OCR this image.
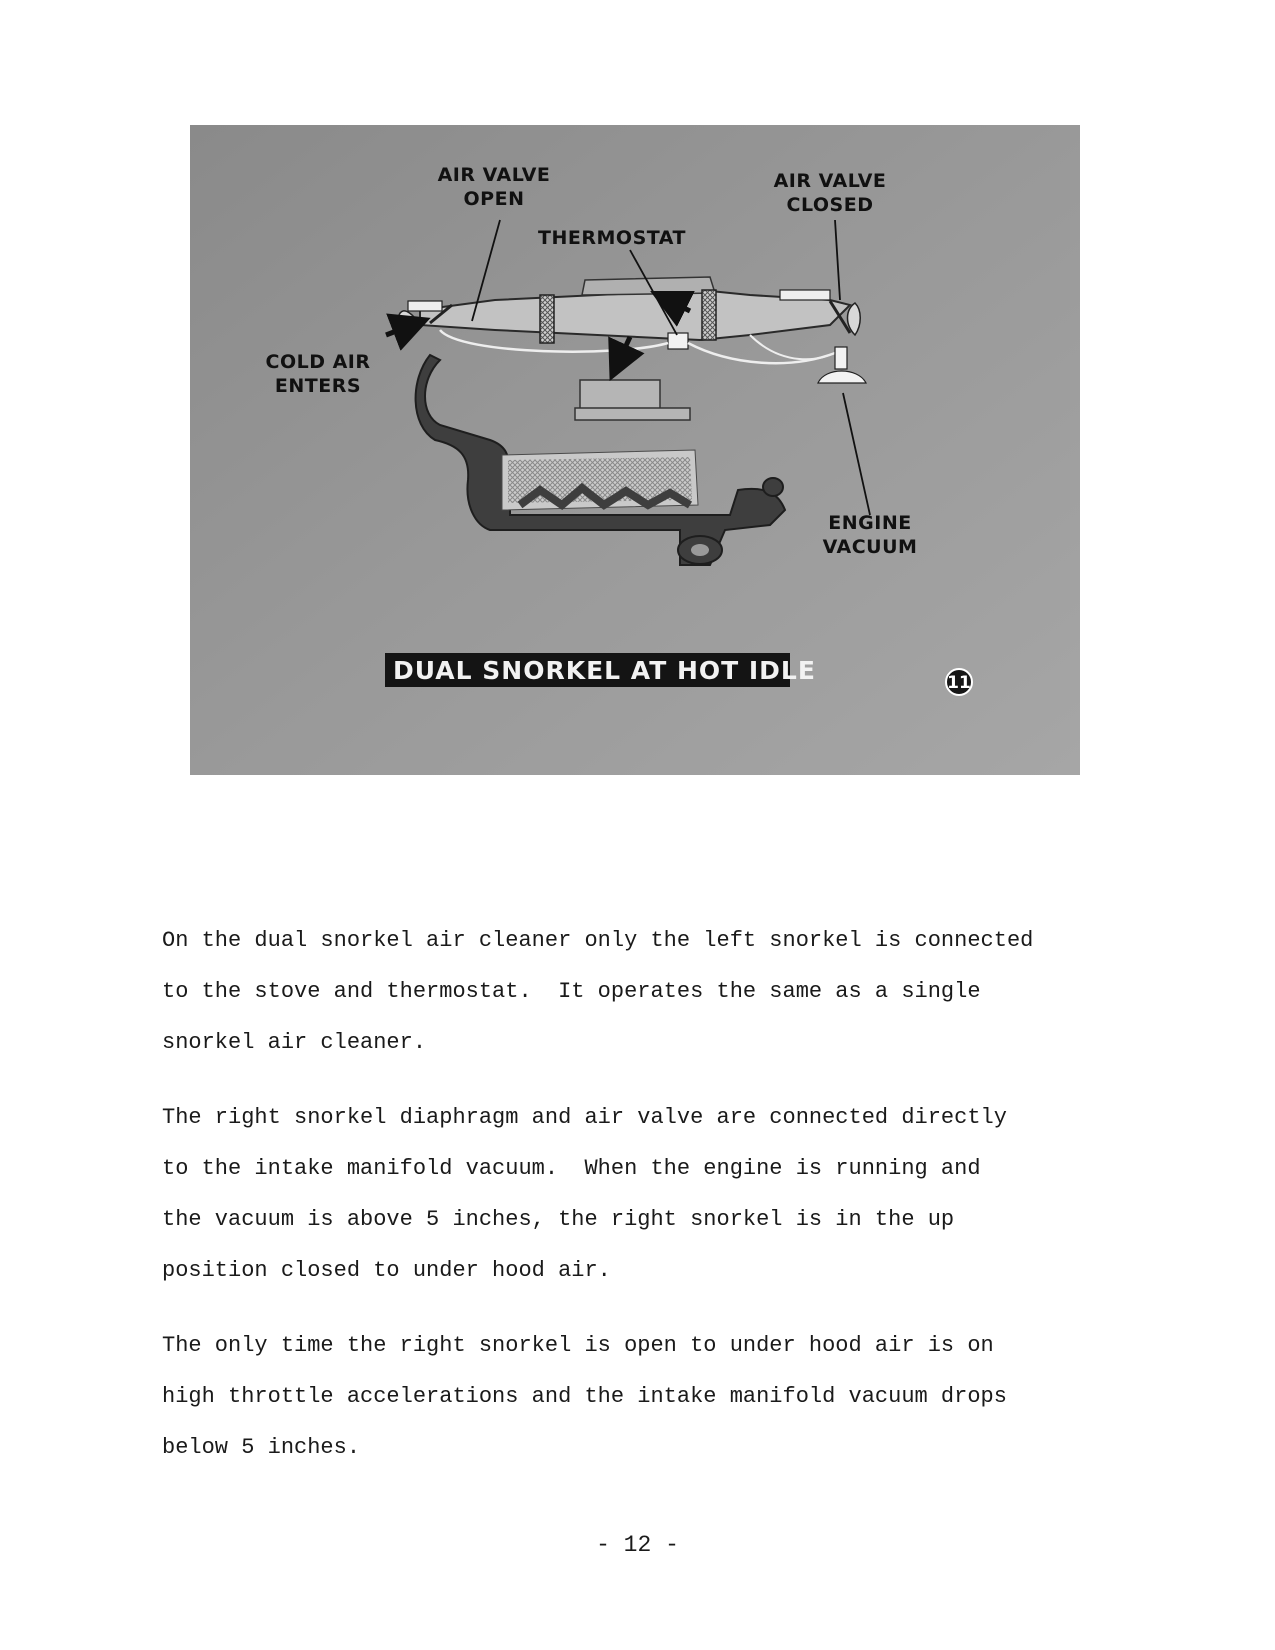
AIR VALVE
OPEN
AIR VALVE
CLOSED
THERMOSTAT
COLD AIR
ENTERS
ENGINE
VACUUM
DUAL SNORKEL AT HOT IDLE	11
On the dual snorkel air cleaner only the left snorkel is connected
to the stove and thermostat.  It operates the same as a single
snorkel air cleaner.
The right snorkel diaphragm and air valve are connected directly
to the intake manifold vacuum.  When the engine is running and
the vacuum is above 5 inches, the right snorkel is in the up
position closed to under hood air.
The only time the right snorkel is open to under hood air is on
high throttle accelerations and the intake manifold vacuum drops
below 5 inches.
- 12 -
